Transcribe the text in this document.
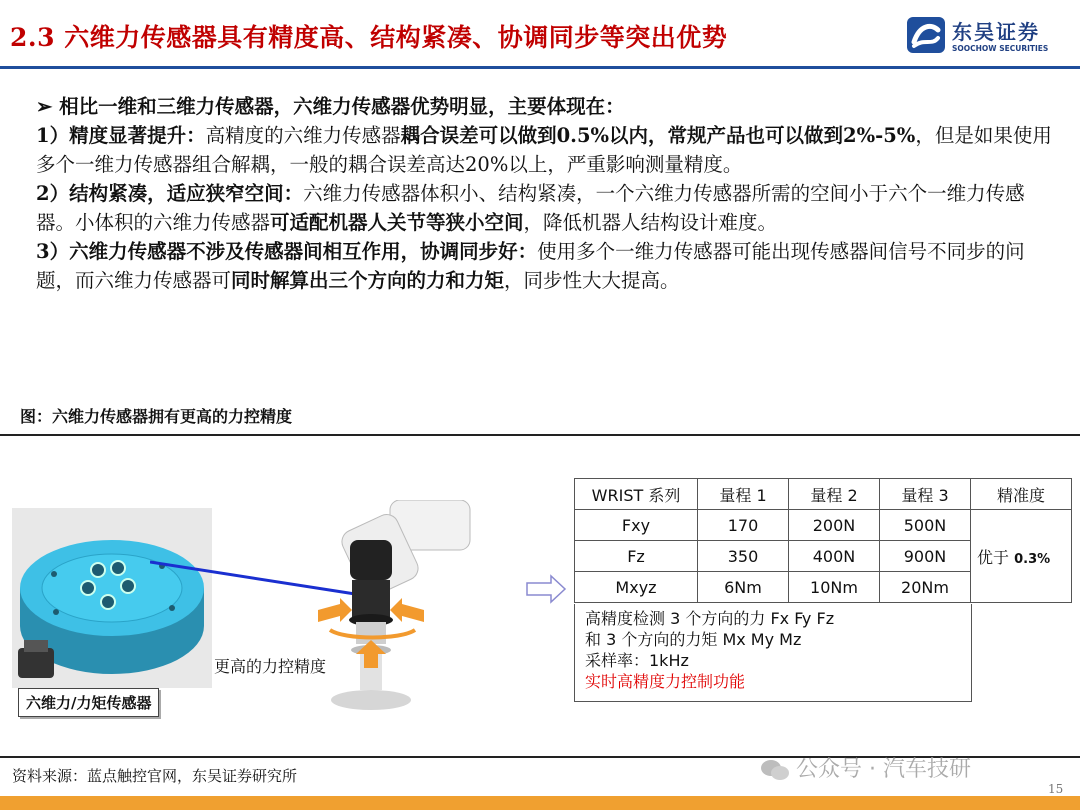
2.3 六维力传感器具有精度高、结构紧凑、协调同步等突出优势	东吴证券
SOOCHOW SECURITIES

➢ 相比一维和三维力传感器，六维力传感器优势明显，主要体现在：

1）精度显著提升：高精度的六维力传感器耦合误差可以做到0.5%以内，常规产品也可以做到2%-5%，但是如果使用多个一维力传感器组合解耦，一般的耦合误差高达20%以上，严重影响测量精度。

2）结构紧凑，适应狭窄空间：六维力传感器体积小、结构紧凑，一个六维力传感器所需的空间小于六个一维力传感器。小体积的六维力传感器可适配机器人关节等狭小空间，降低机器人结构设计难度。

3）六维力传感器不涉及传感器间相互作用，协调同步好：使用多个一维力传感器可能出现传感器间信号不同步的问题，而六维力传感器可同时解算出三个方向的力和力矩，同步性大大提高。

图：六维力传感器拥有更高的力控精度
六维力/力矩传感器
更高的力控精度
WRIST 系列	量程 1	量程 2	量程 3	精准度
Fxy	170	200N	500N	优于 0.3%
Fz	350	400N	900N	
Mxyz	6Nm	10Nm	20Nm	
高精度检测 3 个方向的力 Fx Fy Fz
和 3 个方向的力矩 Mx My Mz
采样率：1kHz
实时高精度力控制功能
资料来源：蓝点触控官网，东吴证券研究所	公众号 · 汽车技研
15
